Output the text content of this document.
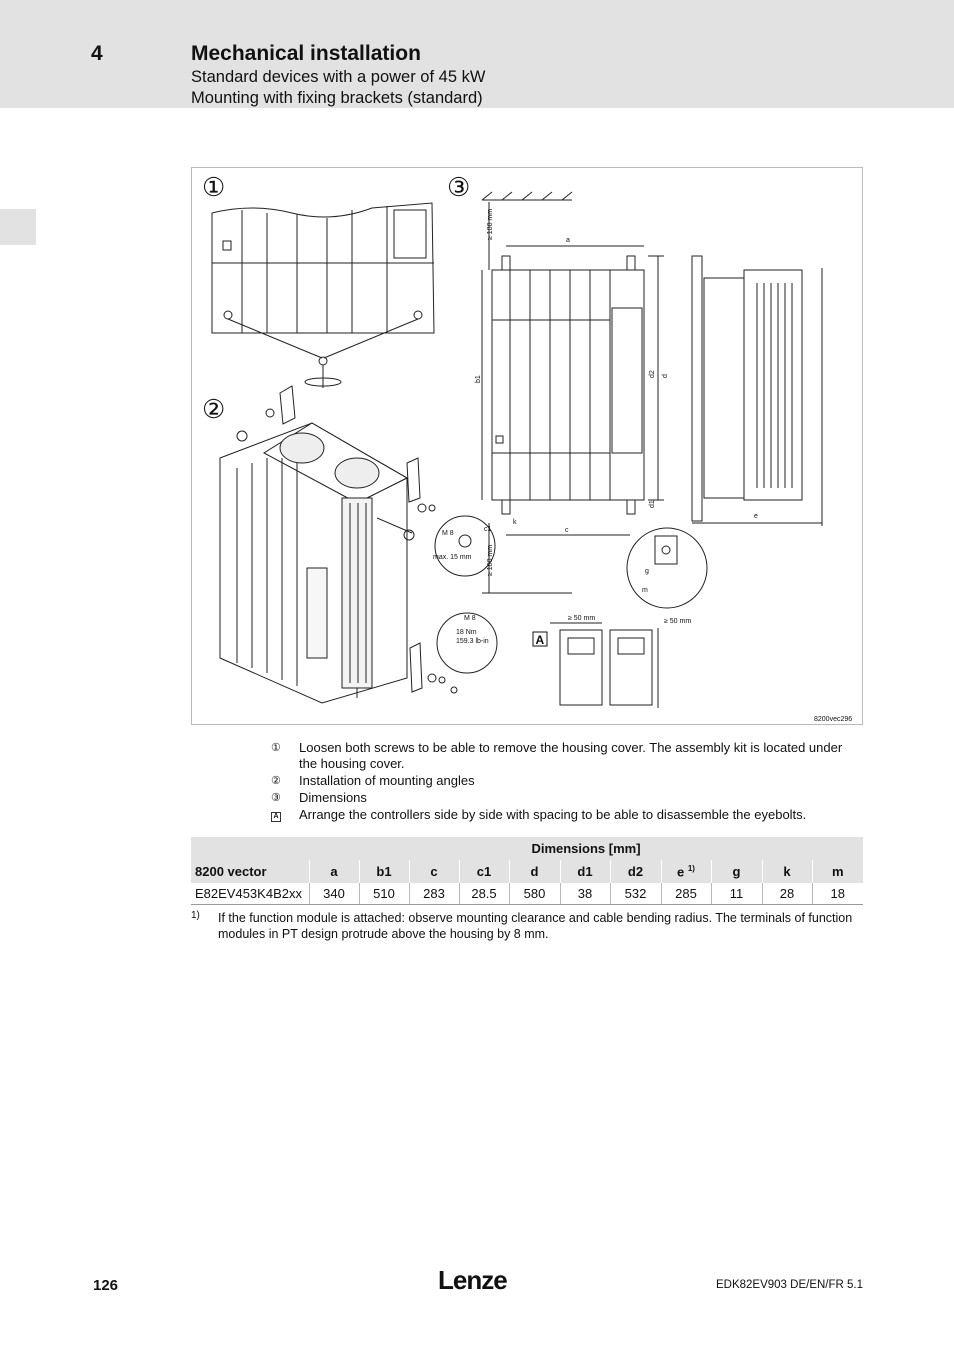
4	Mechanical installation
Standard devices with a power of 45 kW
Mounting with fixing brackets (standard)
①
②
③
A
a
b1
d2 d
d1
c1
k
c
e
g
m
≥ 100 mm
≥ 100 mm
≥ 50 mm	≥ 50 mm
M 8
max. 15 mm
M 8
18 Nm
159.3 lb-in
8200vec296
①	Loosen both screws to be able to remove the housing cover. The assembly kit is located under the housing cover.
②	Installation of mounting angles
③	Dimensions
A	Arrange the controllers side by side with spacing to be able to disassemble the eyebolts.
	Dimensions [mm]										
8200 vector	a	b1	c	c1	d	d1	d2	e $^{1)}$	g	k	m
E82EV453K4B2xx	340	510	283	28.5	580	38	532	285	11	28	18
1) If the function module is attached: observe mounting clearance and cable bending radius. The terminals of function modules in PT design protrude above the housing by 8 mm.
126	Lenze	EDK82EV903 DE/EN/FR 5.1
